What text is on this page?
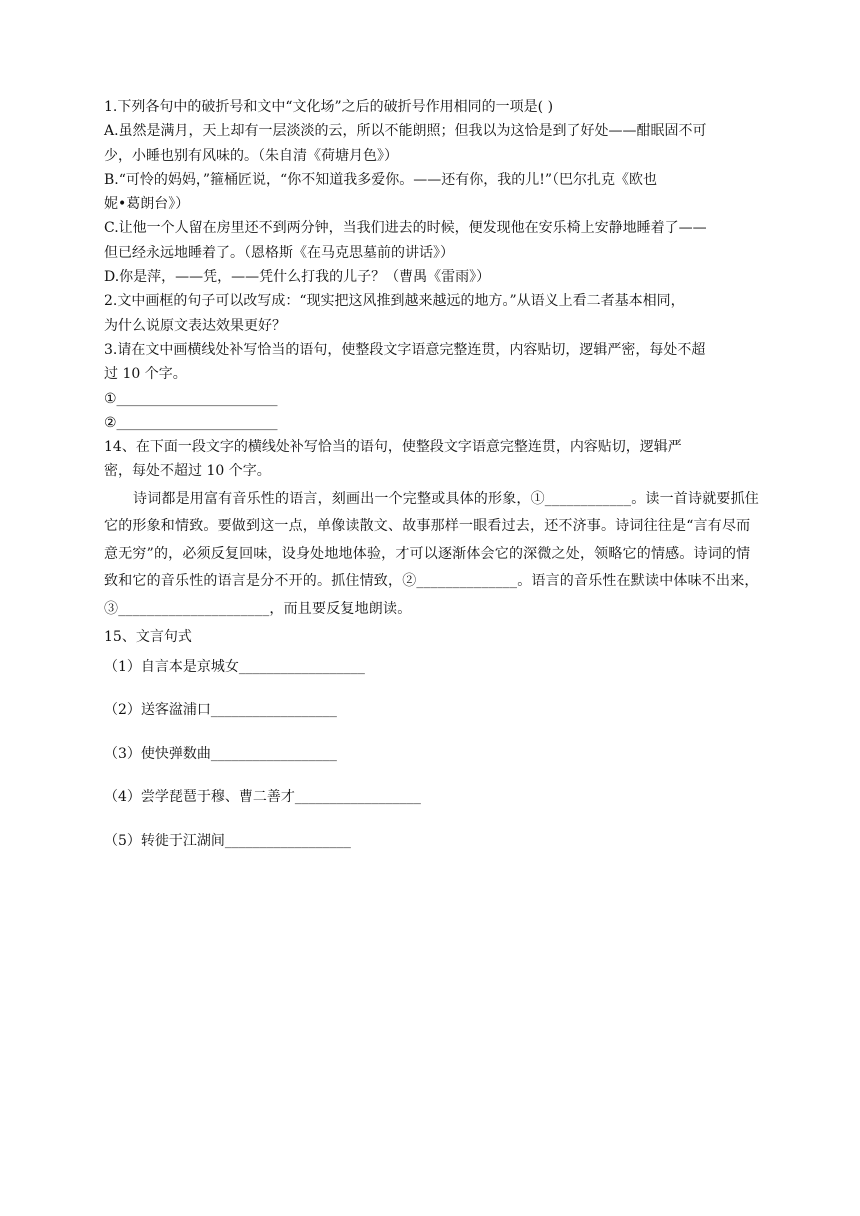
1.下列各句中的破折号和文中“文化场”之后的破折号作用相同的一项是( )
A.虽然是满月，天上却有一层淡淡的云，所以不能朗照；但我以为这恰是到了好处——酣眠固不可
少，小睡也别有风味的。（朱自清《荷塘月色》）
B.“可怜的妈妈，”箍桶匠说，“你不知道我多爱你。——还有你，我的儿!”（巴尔扎克《欧也
妮•葛朗台》）
C.让他一个人留在房里还不到两分钟，当我们进去的时候，便发现他在安乐椅上安静地睡着了——
但已经永远地睡着了。（恩格斯《在马克思墓前的讲话》）
D.你是萍，——凭，——凭什么打我的儿子？（曹禺《雷雨》）
2.文中画框的句子可以改写成：“现实把这风推到越来越远的地方。”从语义上看二者基本相同，
为什么说原文表达效果更好？
3.请在文中画横线处补写恰当的语句，使整段文字语意完整连贯，内容贴切，逻辑严密，每处不超
过 10 个字。
①_______________________
②_______________________
14、在下面一段文字的横线处补写恰当的语句，使整段文字语意完整连贯，内容贴切，逻辑严
密，每处不超过 10 个字。
诗词都是用富有音乐性的语言，刻画出一个完整或具体的形象，①____________。读一首诗就要抓住它的形象和情致。要做到这一点，单像读散文、故事那样一眼看过去，还不济事。诗词往往是“言有尽而意无穷”的，必须反复回味，设身处地地体验，才可以逐渐体会它的深微之处，领略它的情感。诗词的情致和它的音乐性的语言是分不开的。抓住情致，②______________。语言的音乐性在默读中体味不出来，③_____________________，而且要反复地朗读。
15、文言句式
（1）自言本是京城女__________________
（2）送客湓浦口__________________
（3）使快弹数曲__________________
（4）尝学琵琶于穆、曹二善才__________________
（5）转徙于江湖间__________________
